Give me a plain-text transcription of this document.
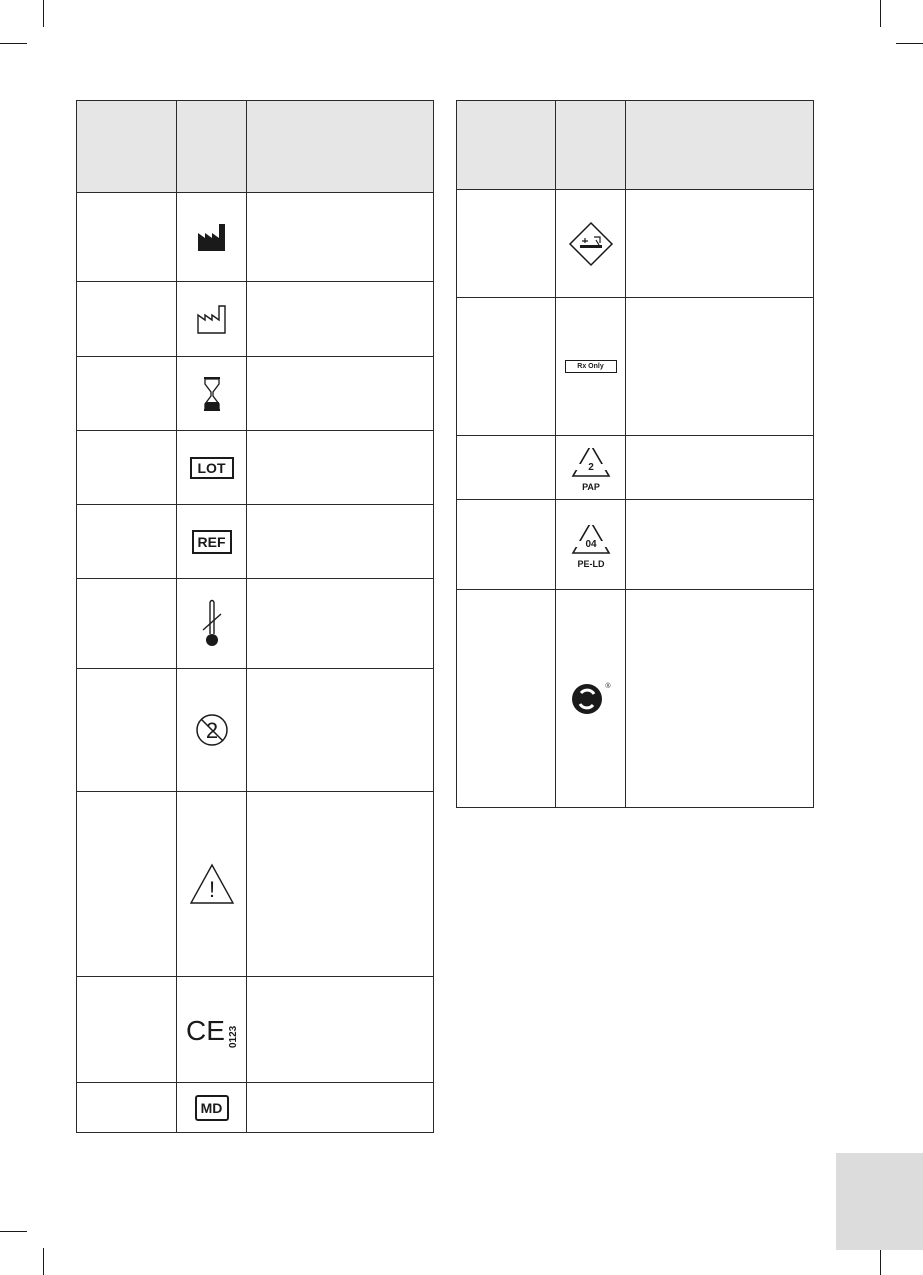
LOT
REF
2
!
CE 0123
MD
Rx Only
2
PAP
04
PE-LD
®
